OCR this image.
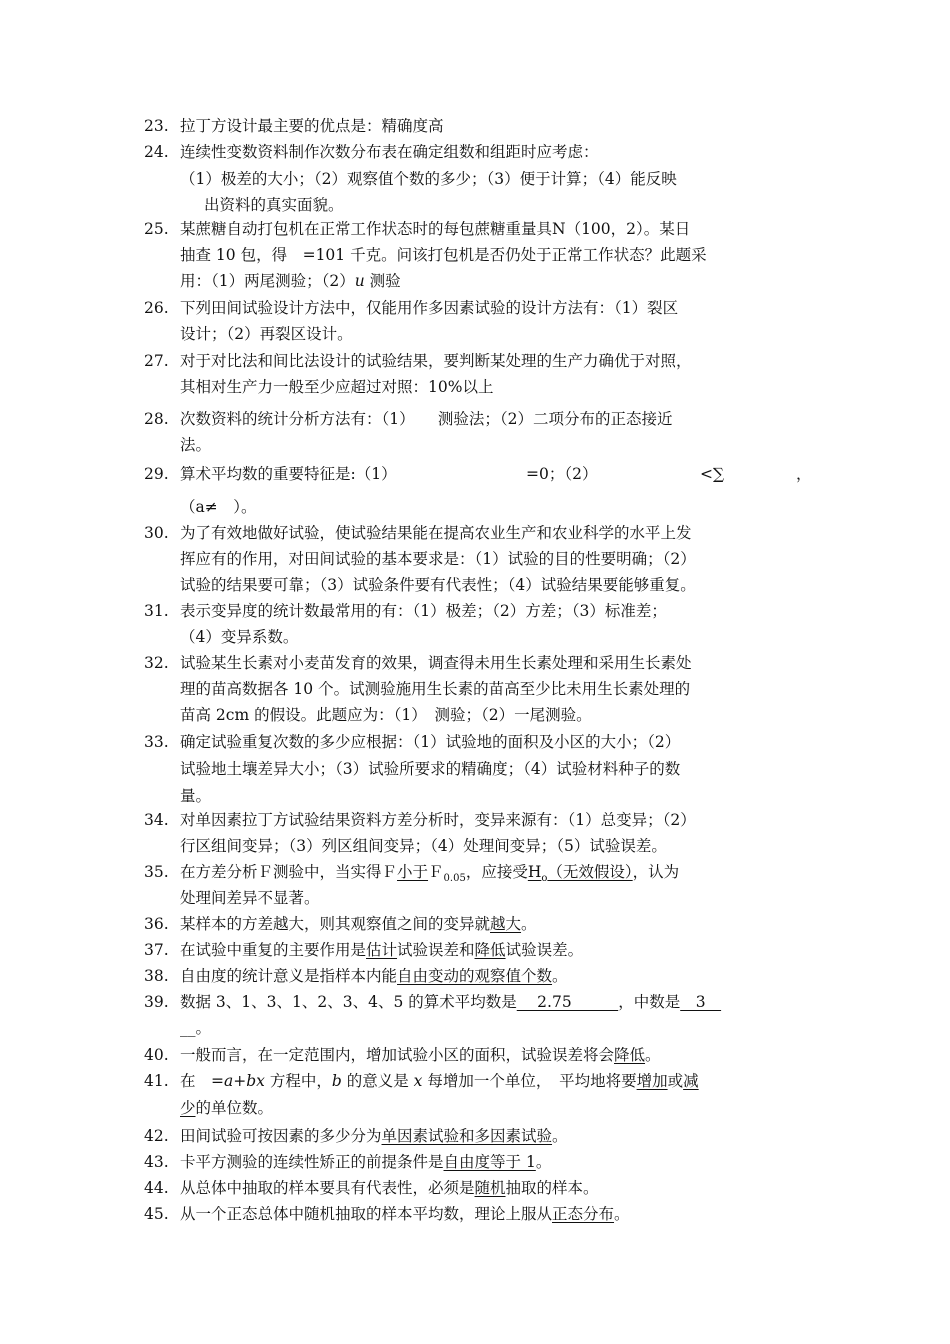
23. 拉丁方设计最主要的优点是：精确度高
24. 连续性变数资料制作次数分布表在确定组数和组距时应考虑：
（1）极差的大小；（2）观察值个数的多少；（3）便于计算；（4）能反映
出资料的真实面貌。
25. 某蔗糖自动打包机在正常工作状态时的每包蔗糖重量具N（100，2）。某日
抽查 10 包，得　=101 千克。问该打包机是否仍处于正常工作状态？此题采
用：（1）两尾测验；（2）u 测验
26. 下列田间试验设计方法中，仅能用作多因素试验的设计方法有：（1）裂区
设计；（2）再裂区设计。
27. 对于对比法和间比法设计的试验结果，要判断某处理的生产力确优于对照，
其相对生产力一般至少应超过对照：10%以上
28. 次数资料的统计分析方法有：（1）　　测验法；（2）二项分布的正态接近
法。
29. 算术平均数的重要特征是:（1）	=0；（2）	<∑	，
（a≠　）。
30. 为了有效地做好试验，使试验结果能在提高农业生产和农业科学的水平上发
挥应有的作用，对田间试验的基本要求是：（1）试验的目的性要明确；（2）
试验的结果要可靠；（3）试验条件要有代表性；（4）试验结果要能够重复。
31. 表示变异度的统计数最常用的有：（1）极差；（2）方差；（3）标准差；
（4）变异系数。
32. 试验某生长素对小麦苗发育的效果，调查得未用生长素处理和采用生长素处
理的苗高数据各 10 个。试测验施用生长素的苗高至少比未用生长素处理的
苗高 2cm 的假设。此题应为：（1）　测验；（2）一尾测验。
33. 确定试验重复次数的多少应根据：（1）试验地的面积及小区的大小；（2）
试验地土壤差异大小；（3）试验所要求的精确度；（4）试验材料种子的数
量。
34. 对单因素拉丁方试验结果资料方差分析时，变异来源有：（1）总变异；（2）
行区组间变异；（3）列区组间变异；（4）处理间变异；（5）试验误差。
35. 在方差分析Ｆ测验中，当实得Ｆ小于Ｆ$_{0.05}$，应接受$H_o$（无效假设），认为
处理间差异不显著。
36. 某样本的方差越大，则其观察值之间的变异就越大。
37. 在试验中重复的主要作用是估计试验误差和降低试验误差。
38. 自由度的统计意义是指样本内能自由变动的观察值个数。
39. 数据 3、1、3、1、2、3、4、5 的算术平均数是　 2.75　　　，中数是　3　
__。
40. 一般而言，在一定范围内，增加试验小区的面积，试验误差将会降低。
41. 在　=a+bx 方程中，b 的意义是 x 每增加一个单位，　平均地将要增加或减
少的单位数。
42. 田间试验可按因素的多少分为单因素试验和多因素试验。
43. 卡平方测验的连续性矫正的前提条件是自由度等于 1。
44. 从总体中抽取的样本要具有代表性，必须是随机抽取的样本。
45. 从一个正态总体中随机抽取的样本平均数，理论上服从正态分布。
